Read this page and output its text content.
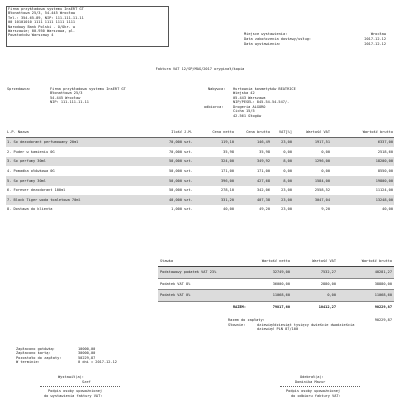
Firma przykładowa systemu InsERT GT
Błonattowa 25/3, 54-445 Wrocław
Tel.: 354-65-89, NIP: 111-111-11-11
00 10101010 1111 1111 1111 1111
Narodowy Bank Polski - O/Okr. w
Warszawie; 00-950 Warszawa, pl.
Powstańców Warszawy 4	Miejsce wystawienia:	Wrocław
Data zakończenia dostawy/usług:	2017-12-12
Data wystawienia:	2017-12-12
Faktura VAT 12/SP/MAG/2017 oryginał/kopia
Sprzedawca:	Firma przykładowa systemu InsERT GT
Błonattowa 25/3
54-445 Wrocław
NIP: 111-111-11-11
Nabywca: Hurtownia kosmetyków BEATRICE
Wiejska 42
05-443 Warszawa
NIP/PESEL: 845-54-54-547/-
odbiorca:	Drogeria ALGORO
Cicha 15/5
42-561 Głogów
L.P. Nazwa	Ilość	J.M.	Cena netto	Cena brutto	VAT[%]	Wartość VAT	Wartość brutto
1. So dezodorant perfumowany 20ml	70,000	szt.	119,10	146,49	23,00	1917,51	6337,00
2. Puder w kamieniu 0G	70,000	szt.	35,98	35,98	0,00	0,00	2518,60
3. So perfumy 30ml	50,000	szt.	324,00	349,92	8,00	1296,00	18200,00
4. Pomadka ołówkowa 0G	50,000	szt.	171,00	171,00	0,00	0,00	8550,00
5. So perfumy 30ml	50,000	szt.	396,00	427,68	8,00	1584,00	19800,00
6. Forever dezodorant 100ml	50,000	szt.	278,10	342,06	23,00	2558,52	11124,00
7. Black Tiger woda toaletowa 70ml	40,000	szt.	331,20	407,38	23,00	3047,04	13248,00
8. Dostawa do klienta	1,000	szt.	40,00	49,20	23,00	9,20	40,00
Stawka	Wartość netto	Wartość VAT	Wartość brutto
Podstawowy podatek VAT 23%	32749,00	7532,27	40281,27
Podatek VAT 8%	36000,00	2880,00	38880,00
Podatek VAT 0%	11068,60	0,00	11068,60
RAZEM:	79817,60	10412,27	90229,87
Razem do zapłaty:	90229,87
Słownie:	dziewięćdziesiąt tysięcy dwieście dwadzieścia dziewięć PLN 87/100
Zapłacono gotówką:	10000,00
Zapłacono kartą:	30000,00
Pozostało do zapłaty:	50229,87
W terminie:	0 dni = 2017-12-12
Wystawił(a):
Szef
Podpis osoby upoważnionej
do wystawienia faktury VAT:
Odebrał(a):
Dominika Mazur
Podpis osoby upoważnionej
do odbioru faktury VAT:
